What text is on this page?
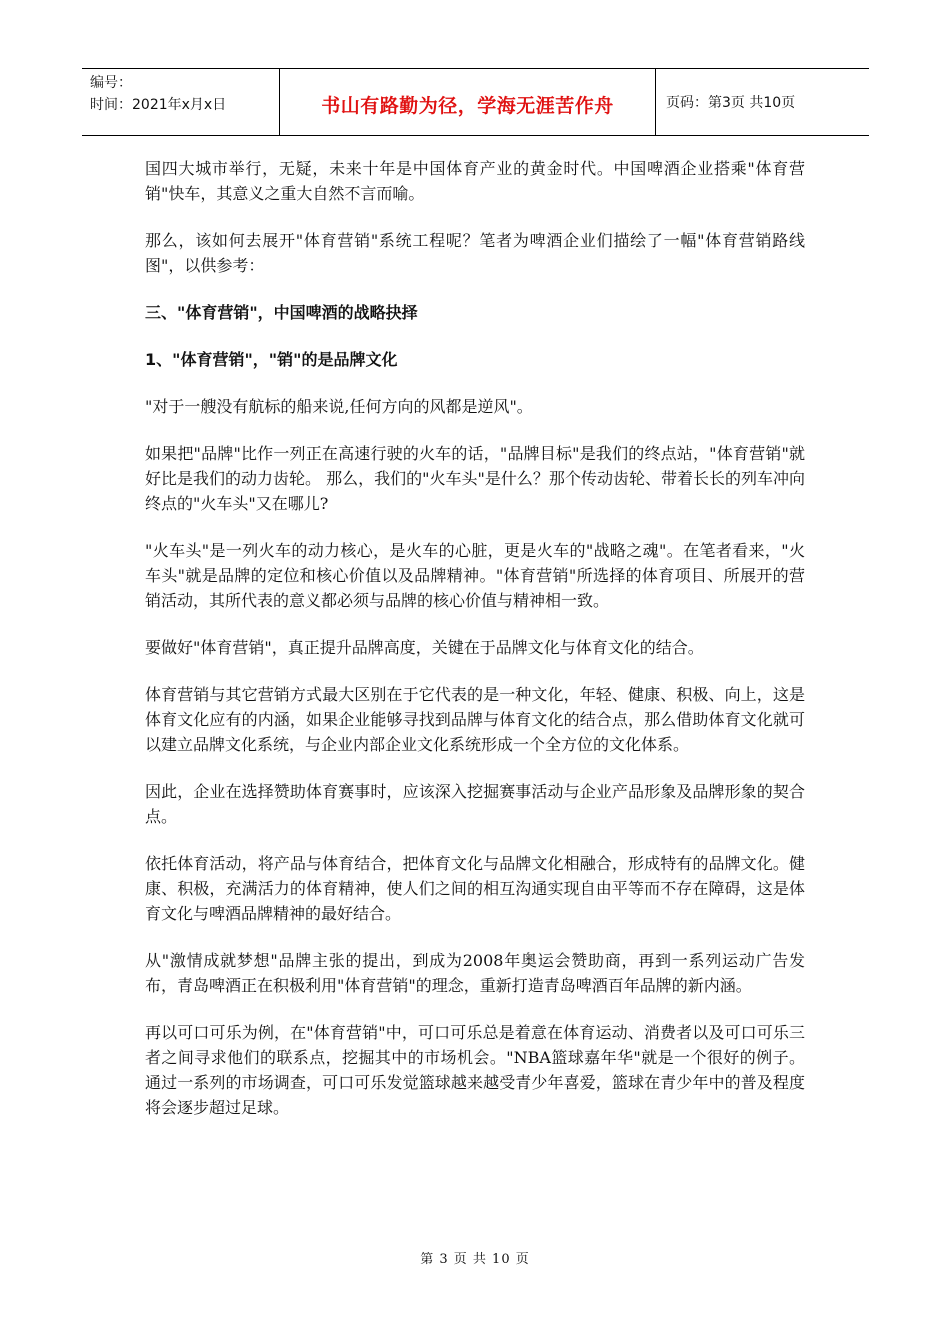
编号：
时间：2021年x月x日	书山有路勤为径，学海无涯苦作舟	页码：第3页 共10页

国四大城市举行，无疑，未来十年是中国体育产业的黄金时代。中国啤酒企业搭乘"体育营销"快车，其意义之重大自然不言而喻。

那么，该如何去展开"体育营销"系统工程呢？笔者为啤酒企业们描绘了一幅"体育营销路线图"，以供参考：

三、"体育营销"，中国啤酒的战略抉择

1、"体育营销"，"销"的是品牌文化

"对于一艘没有航标的船来说,任何方向的风都是逆风"。

如果把"品牌"比作一列正在高速行驶的火车的话，"品牌目标"是我们的终点站，"体育营销"就好比是我们的动力齿轮。 那么，我们的"火车头"是什么？那个传动齿轮、带着长长的列车冲向终点的"火车头"又在哪儿?

"火车头"是一列火车的动力核心，是火车的心脏，更是火车的"战略之魂"。在笔者看来，"火车头"就是品牌的定位和核心价值以及品牌精神。"体育营销"所选择的体育项目、所展开的营销活动，其所代表的意义都必须与品牌的核心价值与精神相一致。

要做好"体育营销"，真正提升品牌高度，关键在于品牌文化与体育文化的结合。

体育营销与其它营销方式最大区别在于它代表的是一种文化，年轻、健康、积极、向上，这是体育文化应有的内涵，如果企业能够寻找到品牌与体育文化的结合点，那么借助体育文化就可以建立品牌文化系统，与企业内部企业文化系统形成一个全方位的文化体系。

因此，企业在选择赞助体育赛事时，应该深入挖掘赛事活动与企业产品形象及品牌形象的契合点。

依托体育活动，将产品与体育结合，把体育文化与品牌文化相融合，形成特有的品牌文化。健康、积极，充满活力的体育精神，使人们之间的相互沟通实现自由平等而不存在障碍，这是体育文化与啤酒品牌精神的最好结合。

从"激情成就梦想"品牌主张的提出，到成为2008年奥运会赞助商，再到一系列运动广告发布，青岛啤酒正在积极利用"体育营销"的理念，重新打造青岛啤酒百年品牌的新内涵。

再以可口可乐为例，在"体育营销"中，可口可乐总是着意在体育运动、消费者以及可口可乐三者之间寻求他们的联系点，挖掘其中的市场机会。"NBA篮球嘉年华"就是一个很好的例子。通过一系列的市场调查，可口可乐发觉篮球越来越受青少年喜爱，篮球在青少年中的普及程度将会逐步超过足球。

第 3 页 共 10 页
